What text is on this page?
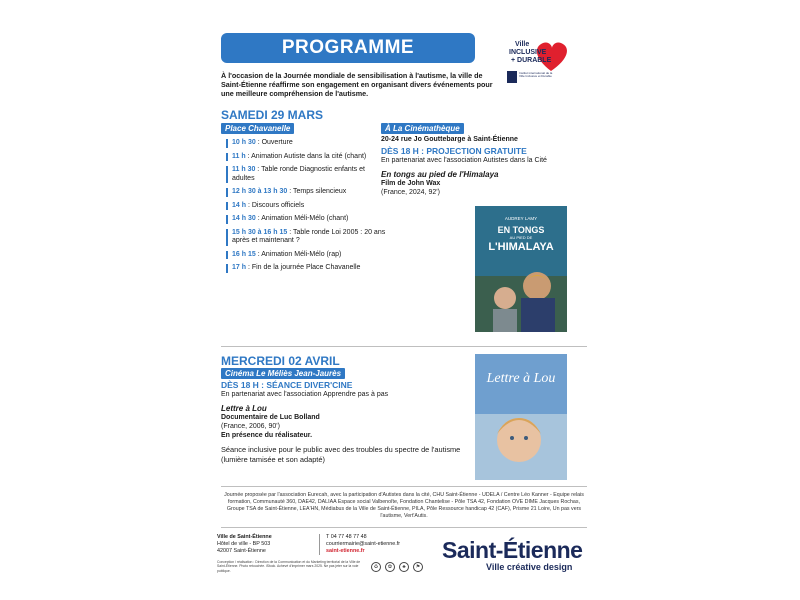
PROGRAMME	Ville
INCLUSIVE
+ DURABLE
Institut international de la Ville Inclusive et Durable
À l'occasion de la Journée mondiale de sensibilisation à l'autisme, la ville de Saint-Étienne réaffirme son engagement en organisant divers événements pour une meilleure compréhension de l'autisme.
SAMEDI 29 MARS
Place Chavanelle
10 h 30 : Ouverture
11 h : Animation Autiste dans la cité (chant)
11 h 30 : Table ronde Diagnostic enfants et adultes
12 h 30 à 13 h 30 : Temps silencieux
14 h : Discours officiels
14 h 30 : Animation Méli-Mélo (chant)
15 h 30 à 16 h 15 : Table ronde Loi 2005 : 20 ans après et maintenant ?
16 h 15 : Animation Méli-Mélo (rap)
17 h : Fin de la journée Place Chavanelle
À La Cinémathèque
20-24 rue Jo Gouttebarge à Saint-Étienne
DÈS 18 H : PROJECTION GRATUITE
En partenariat avec l'association Autistes dans la Cité
En tongs au pied de l'Himalaya
Film de John Wax
(France, 2024, 92')
AUDREY LAMY
EN TONGS
AU PIED DE
L'HIMALAYA
MERCREDI 02 AVRIL
Cinéma Le Méliès Jean-Jaurès
DÈS 18 H : SÉANCE DIVER'CINE
En partenariat avec l'association Apprendre pas à pas
Lettre à Lou
Documentaire de Luc Bolland
(France, 2006, 90')
En présence du réalisateur.
Séance inclusive pour le public avec des troubles du spectre de l'autisme (lumière tamisée et son adapté)
Lettre à Lou
Journée proposée par l'association Eurecah, avec la participation d'Autistes dans la cité, CHU Saint-Étienne - UDELA / Centre Léo Kanner - Equipe relais formation, Communauté 360, DAE42, DALIAA Espace social Valbenoîte, Fondation Chantelise - Pôle TSA 42, Fondation OVE DIME Jacques Rochas, Groupe TSA de Saint-Étienne, LEA'HN, Médiabus de la Ville de Saint-Étienne, PILA, Pôle Ressource handicap 42 (CAF), Prisme 21 Loire, Un pas vers l'autisme, Vert'Autis.
Ville de Saint-Étienne
Hôtel de ville - BP 503
42007 Saint-Étienne
T 04 77 48 77 48
courriermairie@saint-etienne.fr
saint-etienne.fr
Conception / réalisation : Direction de la Communication et du Marketing territorial de la Ville de Saint-Étienne. Photo retouchée. iStock. Achevé d'imprimer mars 2025. Ne pas jeter sur la voie publique.
♻	✿	♣	⚑
Saint-Étienne
Ville créative design
